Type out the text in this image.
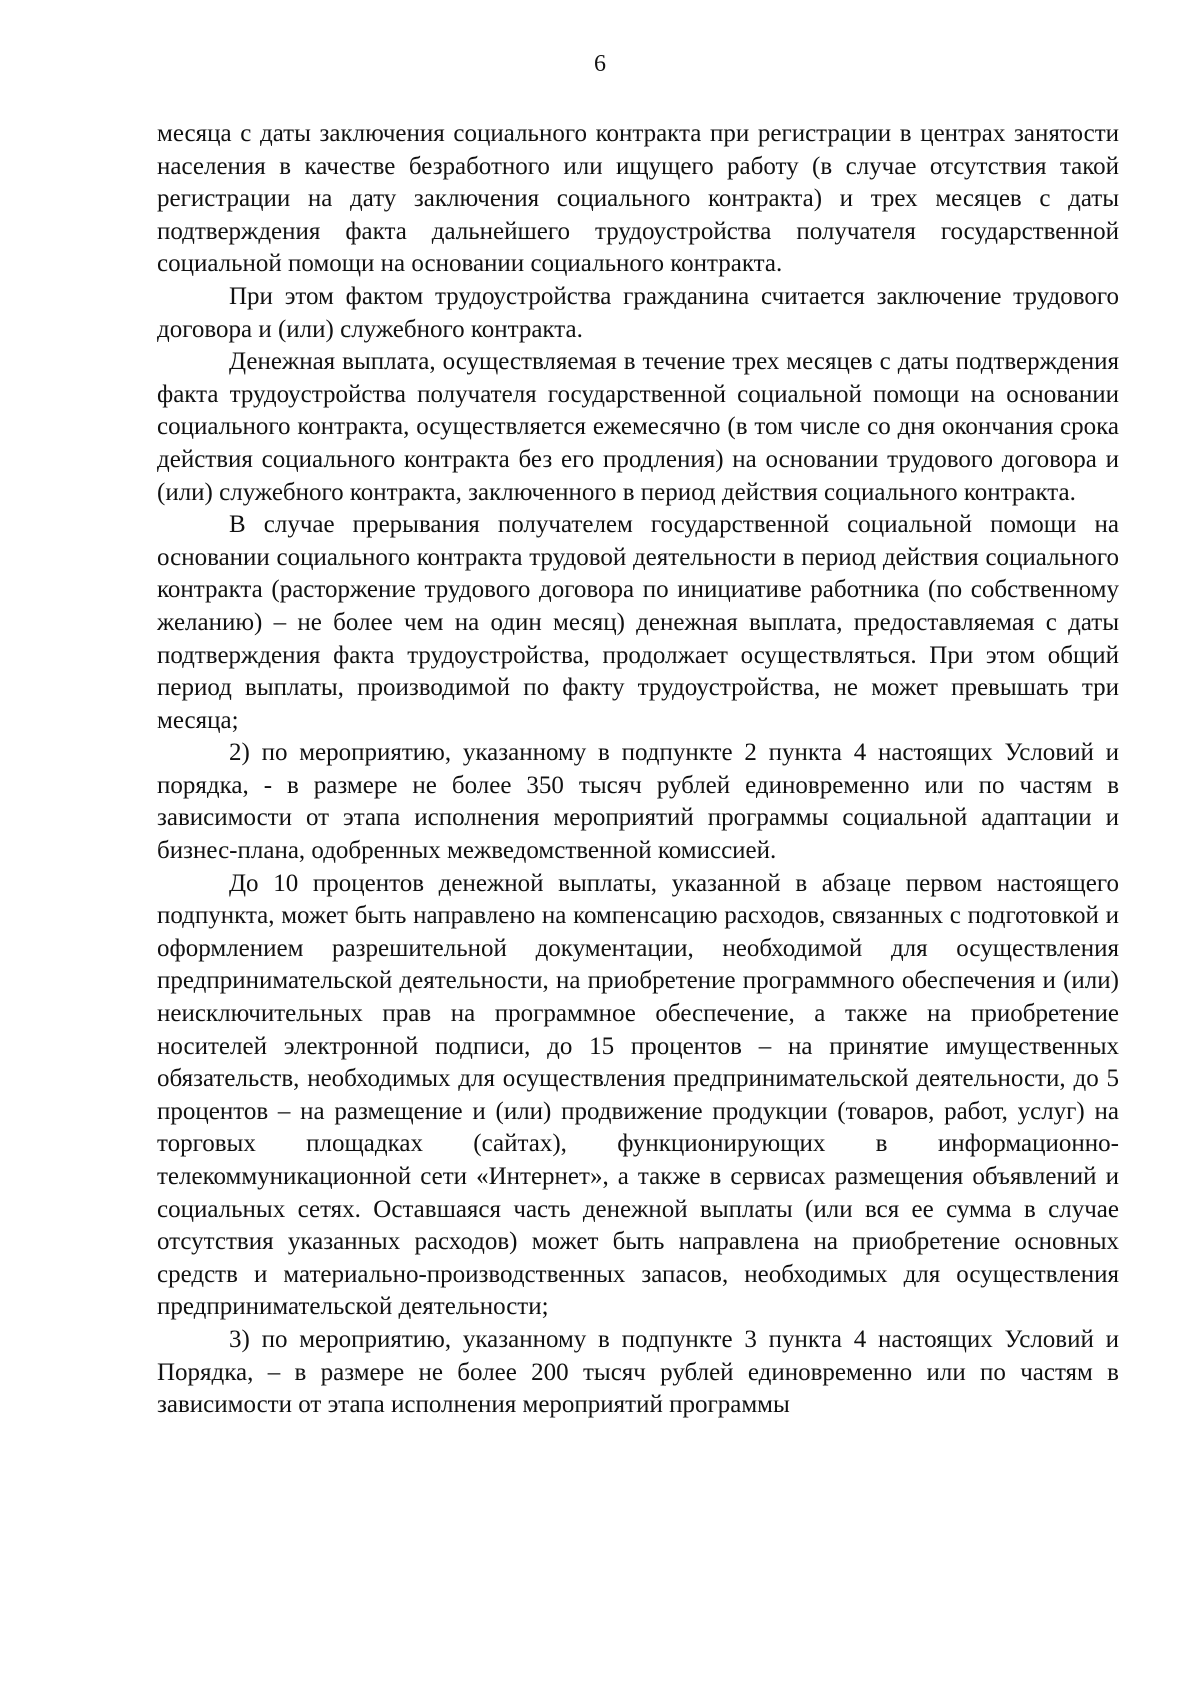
6

месяца с даты заключения социального контракта при регистрации в центрах занятости населения в качестве безработного или ищущего работу (в случае отсутствия такой регистрации на дату заключения социального контракта) и трех месяцев с даты подтверждения факта дальнейшего трудоустройства получателя государственной социальной помощи на основании социального контракта.

При этом фактом трудоустройства гражданина считается заключение трудового договора и (или) служебного контракта.

Денежная выплата, осуществляемая в течение трех месяцев с даты подтверждения факта трудоустройства получателя государственной социальной помощи на основании социального контракта, осуществляется ежемесячно (в том числе со дня окончания срока действия социального контракта без его продления) на основании трудового договора и (или) служебного контракта, заключенного в период действия социального контракта.

В случае прерывания получателем государственной социальной помощи на основании социального контракта трудовой деятельности в период действия социального контракта (расторжение трудового договора по инициативе работника (по собственному желанию) – не более чем на один месяц) денежная выплата, предоставляемая с даты подтверждения факта трудоустройства, продолжает осуществляться. При этом общий период выплаты, производимой по факту трудоустройства, не может превышать три месяца;

2) по мероприятию, указанному в подпункте 2 пункта 4 настоящих Условий и порядка, - в размере не более 350 тысяч рублей единовременно или по частям в зависимости от этапа исполнения мероприятий программы социальной адаптации и бизнес-плана, одобренных межведомственной комиссией.

До 10 процентов денежной выплаты, указанной в абзаце первом настоящего подпункта, может быть направлено на компенсацию расходов, связанных с подготовкой и оформлением разрешительной документации, необходимой для осуществления предпринимательской деятельности, на приобретение программного обеспечения и (или) неисключительных прав на программное обеспечение, а также на приобретение носителей электронной подписи, до 15 процентов – на принятие имущественных обязательств, необходимых для осуществления предпринимательской деятельности, до 5 процентов – на размещение и (или) продвижение продукции (товаров, работ, услуг) на торговых площадках (сайтах), функционирующих в информационно-телекоммуникационной сети «Интернет», а также в сервисах размещения объявлений и социальных сетях. Оставшаяся часть денежной выплаты (или вся ее сумма в случае отсутствия указанных расходов) может быть направлена на приобретение основных средств и материально-производственных запасов, необходимых для осуществления предпринимательской деятельности;

3) по мероприятию, указанному в подпункте 3 пункта 4 настоящих Условий и Порядка, – в размере не более 200 тысяч рублей единовременно или по частям в зависимости от этапа исполнения мероприятий программы
